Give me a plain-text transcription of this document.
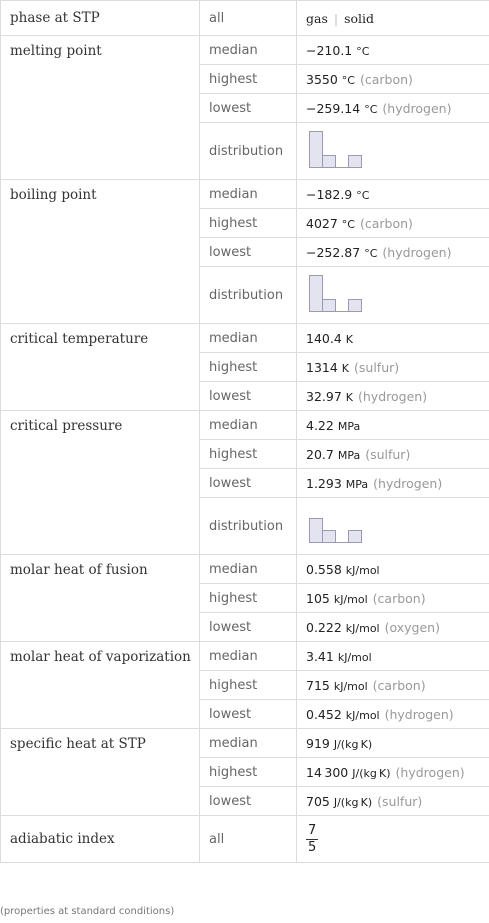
phase at STP	all	gas | solid
melting point	median	−210.1 °C
	highest	3550 °C (carbon)
	lowest	−259.14 °C (hydrogen)
	distribution	
boiling point	median	−182.9 °C
	highest	4027 °C (carbon)
	lowest	−252.87 °C (hydrogen)
	distribution	
critical temperature	median	140.4 K
	highest	1314 K (sulfur)
	lowest	32.97 K (hydrogen)
critical pressure	median	4.22 MPa
	highest	20.7 MPa (sulfur)
	lowest	1.293 MPa (hydrogen)
	distribution	
molar heat of fusion	median	0.558 kJ/mol
	highest	105 kJ/mol (carbon)
	lowest	0.222 kJ/mol (oxygen)
molar heat of vaporization	median	3.41 kJ/mol
	highest	715 kJ/mol (carbon)
	lowest	0.452 kJ/mol (hydrogen)
specific heat at STP	median	919 J/(kg K)
	highest	14 300 J/(kg K) (hydrogen)
	lowest	705 J/(kg K) (sulfur)
adiabatic index	all	$\frac{7}{5}$
(properties at standard conditions)
